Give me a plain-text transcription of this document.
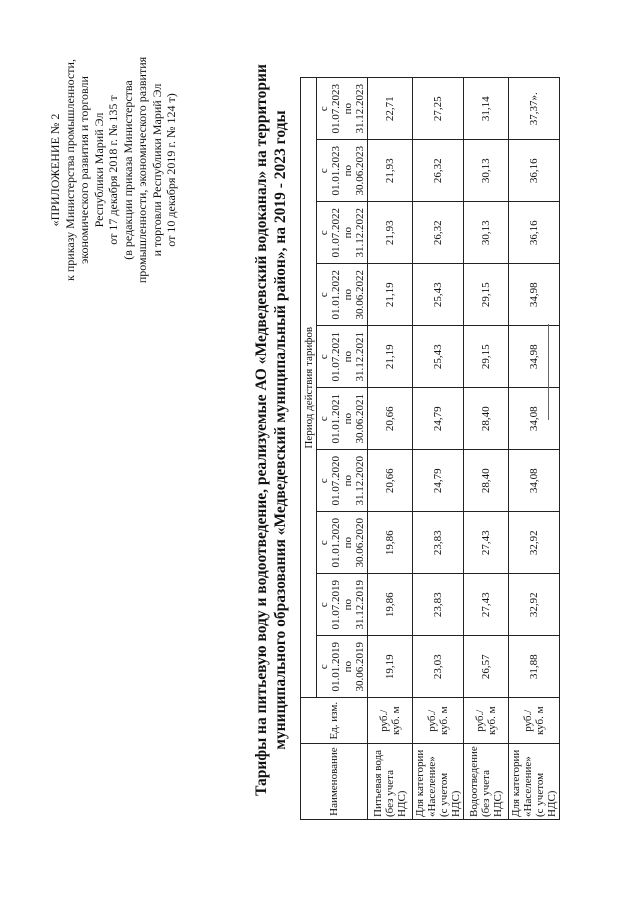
«ПРИЛОЖЕНИЕ № 2 к приказу Министерства промышленности, экономического развития и торговли Республики Марий Эл от 17 декабря 2018 г. № 135 т (в редакции приказа Министерства промышленности, экономического развития и торговли Республики Марий Эл от 10 декабря 2019 г. № 124 т)	Тарифы на питьевую воду и водоотведение, реализуемые АО «Медведевский водоканал» на территории муниципального образования «Медведевский муниципальный район», на 2019 - 2023 годы
Наименование	Ед. изм.	Период действия тарифов									

		с 01.01.2019 по 30.06.2019	с 01.07.2019 по 31.12.2019	с 01.01.2020 по 30.06.2020	с 01.07.2020 по 31.12.2020	с 01.01.2021 по 30.06.2021	с 01.07.2021 по 31.12.2021	с 01.01.2022 по 30.06.2022	с 01.07.2022 по 31.12.2022	с 01.01.2023 по 30.06.2023	с 01.07.2023 по 31.12.2023

Питьевая вода (без учета НДС)	руб./ куб. м	19,19	19,86	19,86	20,66	20,66	21,19	21,19	21,93	21,93	22,71

Для категории «Население» (с учетом НДС)	руб./ куб. м	23,03	23,83	23,83	24,79	24,79	25,43	25,43	26,32	26,32	27,25

Водоотведение (без учета НДС)	руб./ куб. м	26,57	27,43	27,43	28,40	28,40	29,15	29,15	30,13	30,13	31,14

Для категории «Население» (с учетом НДС)	руб./ куб. м	31,88	32,92	32,92	34,08	34,08	34,98	34,98	36,16	36,16	37,37».
